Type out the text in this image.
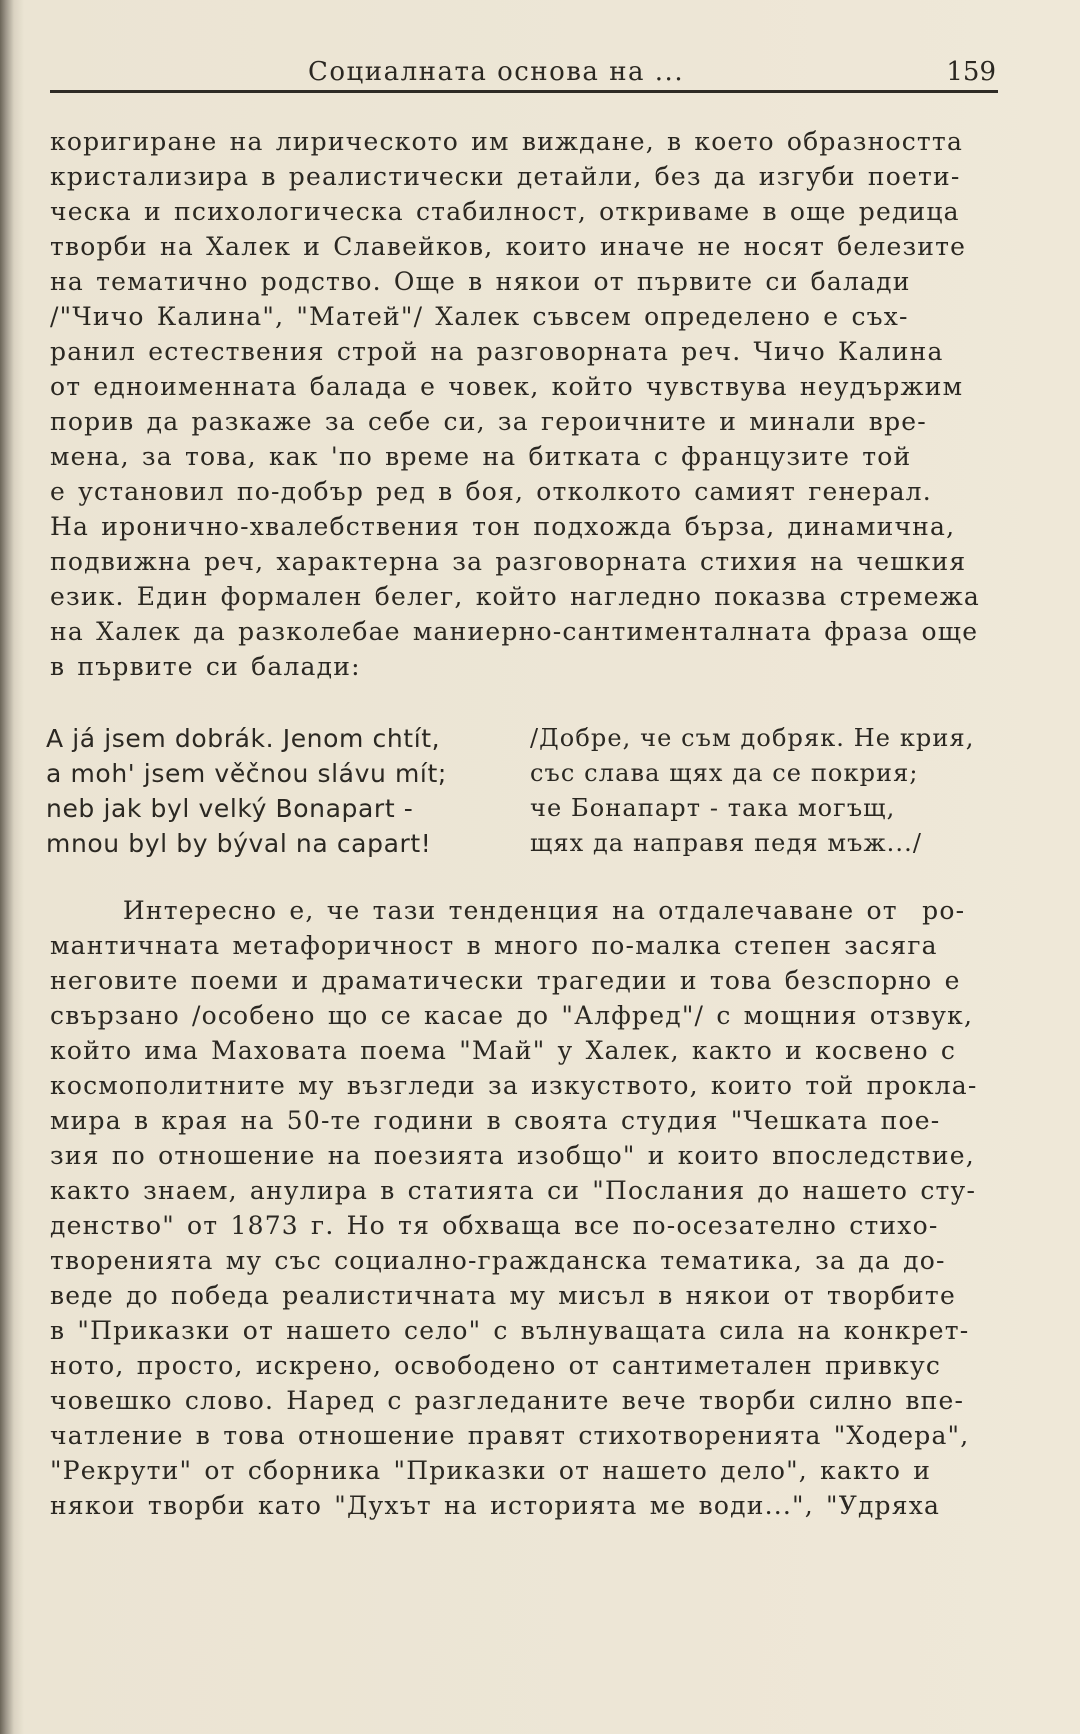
Социалната основа на ...	159
коригиране на лирическото им виждане, в което образността
кристализира в реалистически детайли, без да изгуби поети-
ческа и психологическа стабилност, откриваме в още редица
творби на Халек и Славейков, които иначе не носят белезите
на тематично родство. Още в някои от първите си балади
/"Чичо Калина", "Матей"/ Халек съвсем определено е съх-
ранил естествения строй на разговорната реч. Чичо Калина
от едноименната балада е човек, който чувствува неудържим
порив да разкаже за себе си, за героичните и минали вре-
мена, за това, как 'по време на битката с французите той
е установил по-добър ред в боя, отколкото самият генерал.
На иронично-хвалебствения тон подхожда бърза, динамична,
подвижна реч, характерна за разговорната стихия на чешкия
език. Един формален белег, който нагледно показва стремежа
на Халек да разколебае маниерно-сантименталната фраза още
в първите си балади:
A já jsem dobrák. Jenom chtít,
a moh' jsem věčnou slávu mít;
neb jak byl velký Bonapart -
mnou byl by býval na capart!
/Добре, че съм добряк. Не крия,
със слава щях да се покрия;
че Бонапарт - така могъщ,
щях да направя педя мъж.../
Интересно е, че тази тенденция на отдалечаване от  ро-
мантичната метафоричност в много по-малка степен засяга
неговите поеми и драматически трагедии и това безспорно е
свързано /особено що се касае до "Алфред"/ с мощния отзвук,
който има Маховата поема "Май" у Халек, както и косвено с
космополитните му възгледи за изкуството, които той прокла-
мира в края на 50-те години в своята студия "Чешката поe-
зия по отношение на поезията изобщо" и които впоследствие,
както знаем, анулира в статията си "Послания до нашето сту-
денство" от 1873 г. Но тя обхваща все по-осезателно стихо-
творенията му със социално-гражданска тематика, за да до-
веде до победа реалистичната му мисъл в някои от творбите
в "Приказки от нашето село" с вълнуващата сила на конкрет-
ното, просто, искрено, освободено от сантиметален привкус
човешко слово. Наред с разгледаните вече творби силно впе-
чатление в това отношение правят стихотворенията "Ходера",
"Рекрути" от сборника "Приказки от нашето дело", както и
някои творби като "Духът на историята ме води...", "Удряха
